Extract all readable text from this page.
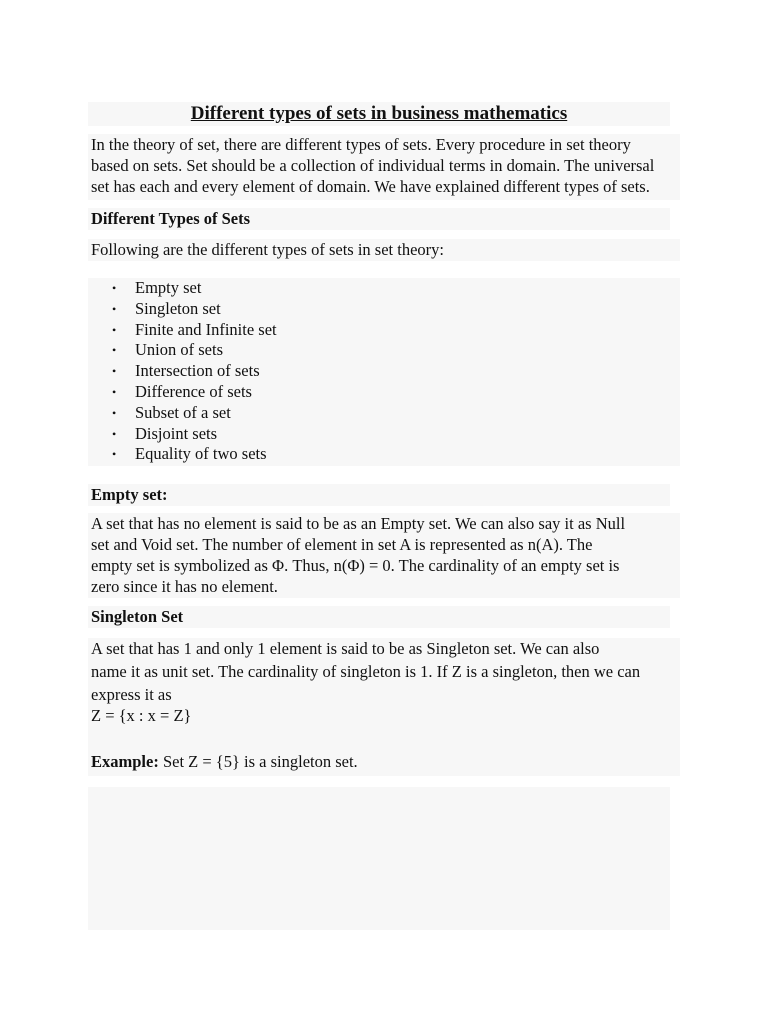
Different types of sets in business mathematics
In the theory of set, there are different types of sets. Every procedure in set theory
based on sets. Set should be a collection of individual terms in domain. The universal
set has each and every element of domain. We have explained different types of sets.
Different Types of Sets
Following are the different types of sets in set theory:
• Empty set
• Singleton set
• Finite and Infinite set
• Union of sets
• Intersection of sets
• Difference of sets
• Subset of a set
• Disjoint sets
• Equality of two sets
Empty set:
A set that has no element is said to be as an Empty set. We can also say it as Null
set and Void set. The number of element in set A is represented as n(A). The
empty set is symbolized as Φ. Thus, n(Φ) = 0. The cardinality of an empty set is
zero since it has no element.
Singleton Set
A set that has 1 and only 1 element is said to be as Singleton set. We can also
name it as unit set. The cardinality of singleton is 1. If Z is a singleton, then we can
express it as
Z = {x : x = Z}
Example: Set Z = {5} is a singleton set.
